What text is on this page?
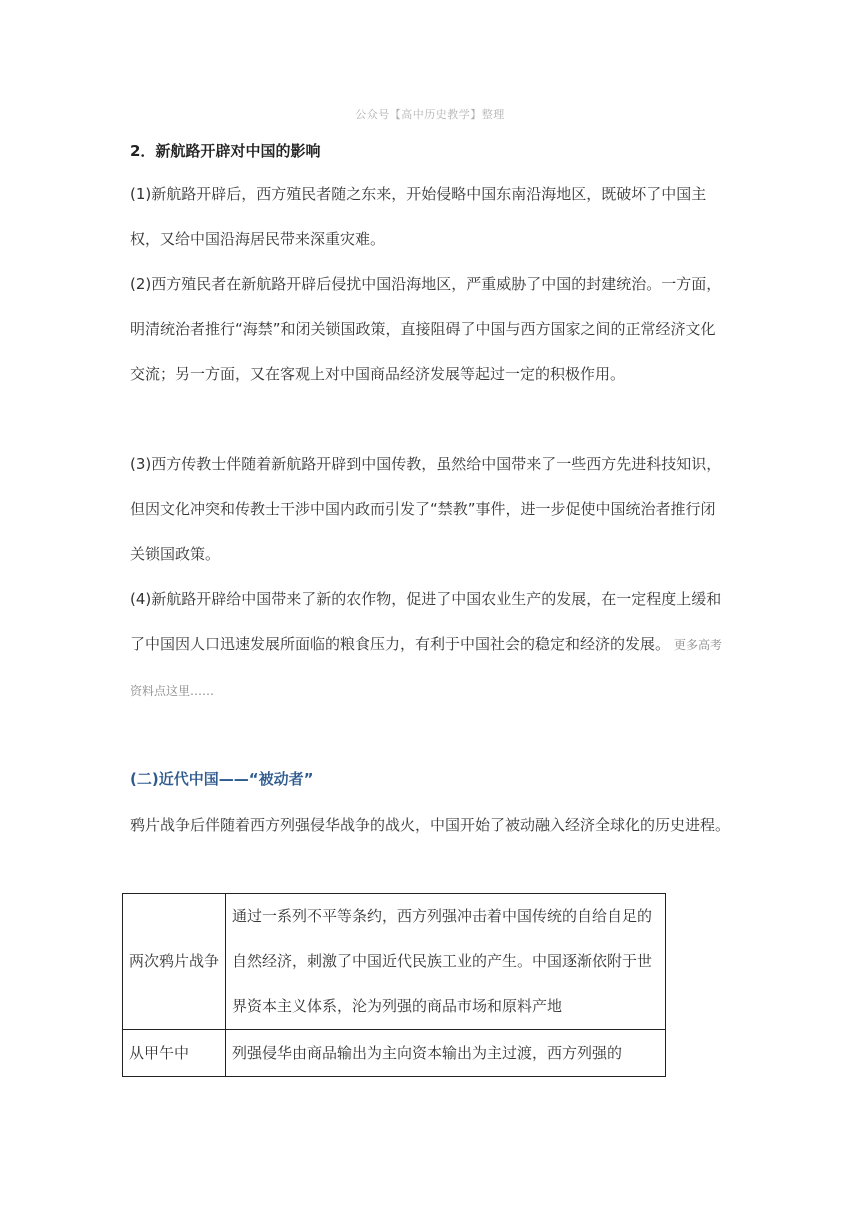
公众号【高中历史教学】整理
2．新航路开辟对中国的影响

(1)新航路开辟后，西方殖民者随之东来，开始侵略中国东南沿海地区，既破坏了中国主权，又给中国沿海居民带来深重灾难。

(2)西方殖民者在新航路开辟后侵扰中国沿海地区，严重威胁了中国的封建统治。一方面，明清统治者推行“海禁”和闭关锁国政策，直接阻碍了中国与西方国家之间的正常经济文化交流；另一方面，又在客观上对中国商品经济发展等起过一定的积极作用。

(3)西方传教士伴随着新航路开辟到中国传教，虽然给中国带来了一些西方先进科技知识，但因文化冲突和传教士干涉中国内政而引发了“禁教”事件，进一步促使中国统治者推行闭关锁国政策。

(4)新航路开辟给中国带来了新的农作物，促进了中国农业生产的发展，在一定程度上缓和了中国因人口迅速发展所面临的粮食压力，有利于中国社会的稳定和经济的发展。 更多高考资料点这里……

(二)近代中国——“被动者”

鸦片战争后伴随着西方列强侵华战争的战火，中国开始了被动融入经济全球化的历史进程。

两次鸦片战争	通过一系列不平等条约，西方列强冲击着中国传统的自给自足的自然经济，刺激了中国近代民族工业的产生。中国逐渐依附于世界资本主义体系，沦为列强的商品市场和原料产地
从甲午中	列强侵华由商品输出为主向资本输出为主过渡，西方列强的
